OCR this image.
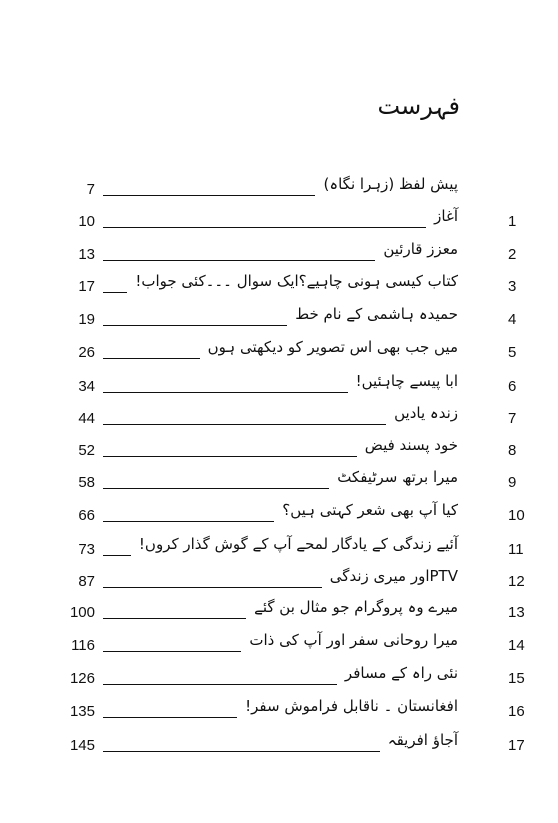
فہرست
پیش لفظ (زہرا نگاہ)
7
1
آغاز
10
2
معزز قارئین
13
3
کتاب کیسی ہونی چاہیے؟ایک سوال ۔۔۔کئی جواب!
17
4
حمیدہ ہاشمی کے نام خط
19
5
میں جب بھی اس تصویر کو دیکھتی ہوں
26
6
ابا پیسے چاہئیں!
34
7
زندہ یادیں
44
8
خود پسند فیض
52
9
میرا برتھ سرٹیفکٹ
58
10
کیا آپ بھی شعر کہتی ہیں؟
66
11
آئیے زندگی کے یادگار لمحے آپ کے گوش گذار کروں!
73
12
PTVاور میری زندگی
87
13
میرے وہ پروگرام جو مثال بن گئے
100
14
میرا روحانی سفر اور آپ کی ذات
116
15
نئی راہ کے مسافر
126
16
افغانستان ۔ ناقابل فراموش سفر!
135
17
آجاؤ افریقہ
145
